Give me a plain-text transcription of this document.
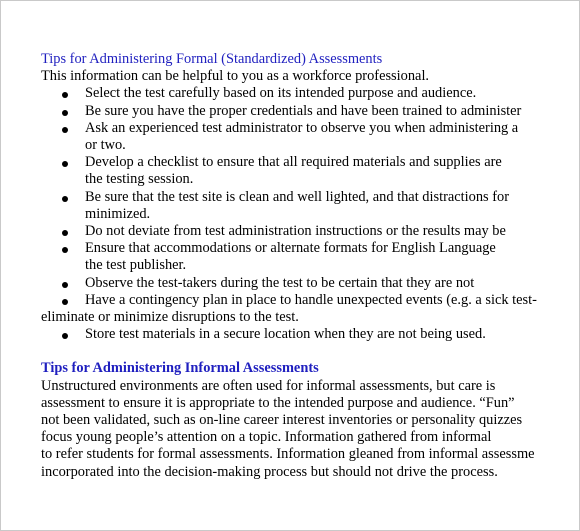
Tips for Administering Formal (Standardized) Assessments

This information can be helpful to you as a workforce professional.

Select the test carefully based on its intended purpose and audience.
Be sure you have the proper credentials and have been trained to administer
Ask an experienced test administrator to observe you when administering a
or two.
Develop a checklist to ensure that all required materials and supplies are
the testing session.
Be sure that the test site is clean and well lighted, and that distractions for
minimized.
Do not deviate from test administration instructions or the results may be
Ensure that accommodations or alternate formats for English Language
the test publisher.
Observe the test-takers during the test to be certain that they are not
Have a contingency plan in place to handle unexpected events (e.g. a sick test-
eliminate or minimize disruptions to the test.
Store test materials in a secure location when they are not being used.
Tips for Administering Informal Assessments
Unstructured environments are often used for informal assessments, but care is
assessment to ensure it is appropriate to the intended purpose and audience. “Fun”
not been validated, such as on-line career interest inventories or personality quizzes
focus young people’s attention on a topic. Information gathered from informal
to refer students for formal assessments. Information gleaned from informal assessme
incorporated into the decision-making process but should not drive the process.
